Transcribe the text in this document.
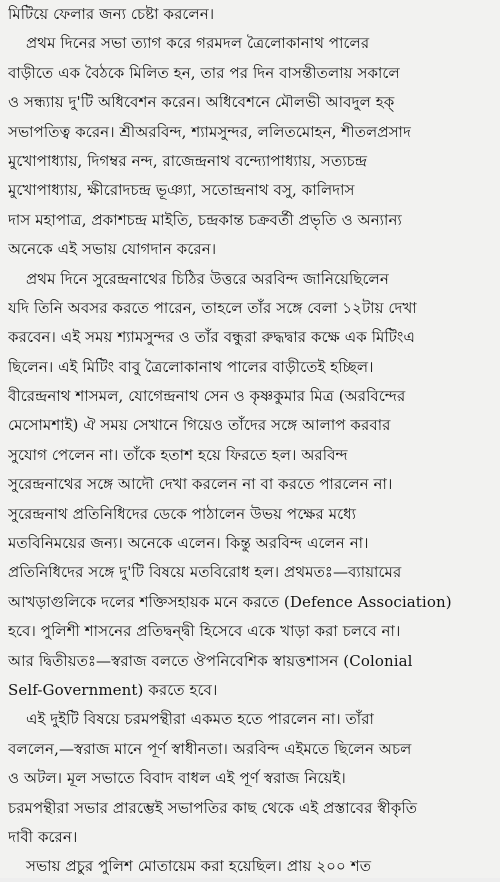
মিটিয়ে ফেলার জন্য চেষ্টা করলেন।
প্রথম দিনের সভা ত্যাগ করে গরমদল ত্রৈলোকানাথ পালের
বাড়ীতে এক বৈঠকে মিলিত হন, তার পর দিন বাসন্তীতলায় সকালে
ও সন্ধ্যায় দু'টি অধিবেশন করেন। অধিবেশনে মৌলভী আবদুল হক্
সভাপতিত্ব করেন। শ্রীঅরবিন্দ, শ্যামসুন্দর, ললিতমোহন, শীতলপ্রসাদ
মুখোপাধ্যায়, দিগম্বর নন্দ, রাজেন্দ্রনাথ বন্দ্যোপাধ্যায়, সত্যচন্দ্র
মুখোপাধ্যায়, ক্ষীরোদচন্দ্র ভূঞ্যা, সতোন্দ্রনাথ বসু, কালিদাস
দাস মহাপাত্র, প্রকাশচন্দ্র মাইতি, চন্দ্রকান্ত চক্রবর্তী প্রভৃতি ও অন্যান্য
অনেকে এই সভায় যোগদান করেন।
প্রথম দিনে সুরেন্দ্রনাথের চিঠির উত্তরে অরবিন্দ জানিয়েছিলেন
যদি তিনি অবসর করতে পারেন, তাহলে তাঁর সঙ্গে বেলা ১২টায় দেখা
করবেন। এই সময় শ্যামসুন্দর ও তাঁর বন্ধুরা রুদ্ধদ্বার কক্ষে এক মিটিংএ
ছিলেন। এই মিটিং বাবু ত্রৈলোকানাথ পালের বাড়ীতেই হচ্ছিল।
বীরেন্দ্রনাথ শাসমল, যোগেন্দ্রনাথ সেন ও কৃষ্ণকুমার মিত্র (অরবিন্দের
মেসোমশাই) ঐ সময় সেখানে গিয়েও তাঁদের সঙ্গে আলাপ করবার
সুযোগ পেলেন না। তাঁকে হতাশ হয়ে ফিরতে হল। অরবিন্দ
সুরেন্দ্রনাথের সঙ্গে আদৌ দেখা করলেন না বা করতে পারলেন না।
সুরেন্দ্রনাথ প্রতিনিধিদের ডেকে পাঠালেন উভয় পক্ষের মধ্যে
মতবিনিময়ের জন্য। অনেকে এলেন। কিন্তু অরবিন্দ এলেন না।
প্রতিনিধিদের সঙ্গে দু'টি বিষয়ে মতবিরোধ হল। প্রথমতঃ—ব্যায়ামের
আখড়াগুলিকে দলের শক্তিসহায়ক মনে করতে (Defence Association)
হবে। পুলিশী শাসনের প্রতিদ্বন্দ্বী হিসেবে একে খাড়া করা চলবে না।
আর দ্বিতীয়তঃ—স্বরাজ বলতে ঔপনিবেশিক স্বায়ত্তশাসন (Colonial
Self-Government) করতে হবে।
এই দুইটি বিষয়ে চরমপন্থীরা একমত হতে পারলেন না। তাঁরা
বললেন,—স্বরাজ মানে পূর্ণ স্বাধীনতা। অরবিন্দ এইমতে ছিলেন অচল
ও অটল। মূল সভাতে বিবাদ বাধল এই পূর্ণ স্বরাজ নিয়েই।
চরমপন্থীরা সভার প্রারম্ভেই সভাপতির কাছ থেকে এই প্রস্তাবের স্বীকৃতি
দাবী করেন।
সভায় প্রচুর পুলিশ মোতায়েম করা হয়েছিল। প্রায় ২০০ শত
